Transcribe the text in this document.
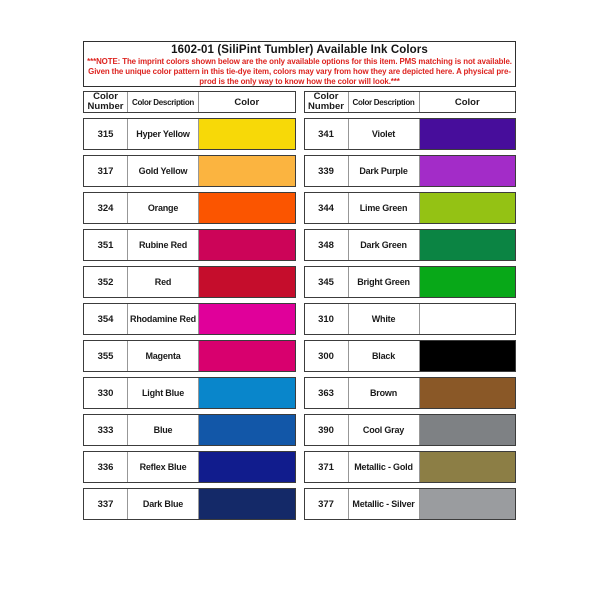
1602-01 (SiliPint Tumbler) Available Ink Colors
***NOTE: The imprint colors shown below are the only available options for this item. PMS matching is not available. Given the unique color pattern in this tie-dye item, colors may vary from how they are depicted here. A physical pre-prod is the only way to know how the color will look.***
Color Number	Color Description	Color
315	Hyper Yellow
317	Gold Yellow
324	Orange
351	Rubine Red
352	Red
354	Rhodamine Red
355	Magenta
330	Light Blue
333	Blue
336	Reflex Blue
337	Dark Blue
Color Number	Color Description	Color
341	Violet
339	Dark Purple
344	Lime Green
348	Dark Green
345	Bright Green
310	White
300	Black
363	Brown
390	Cool Gray
371	Metallic - Gold
377	Metallic - Silver
